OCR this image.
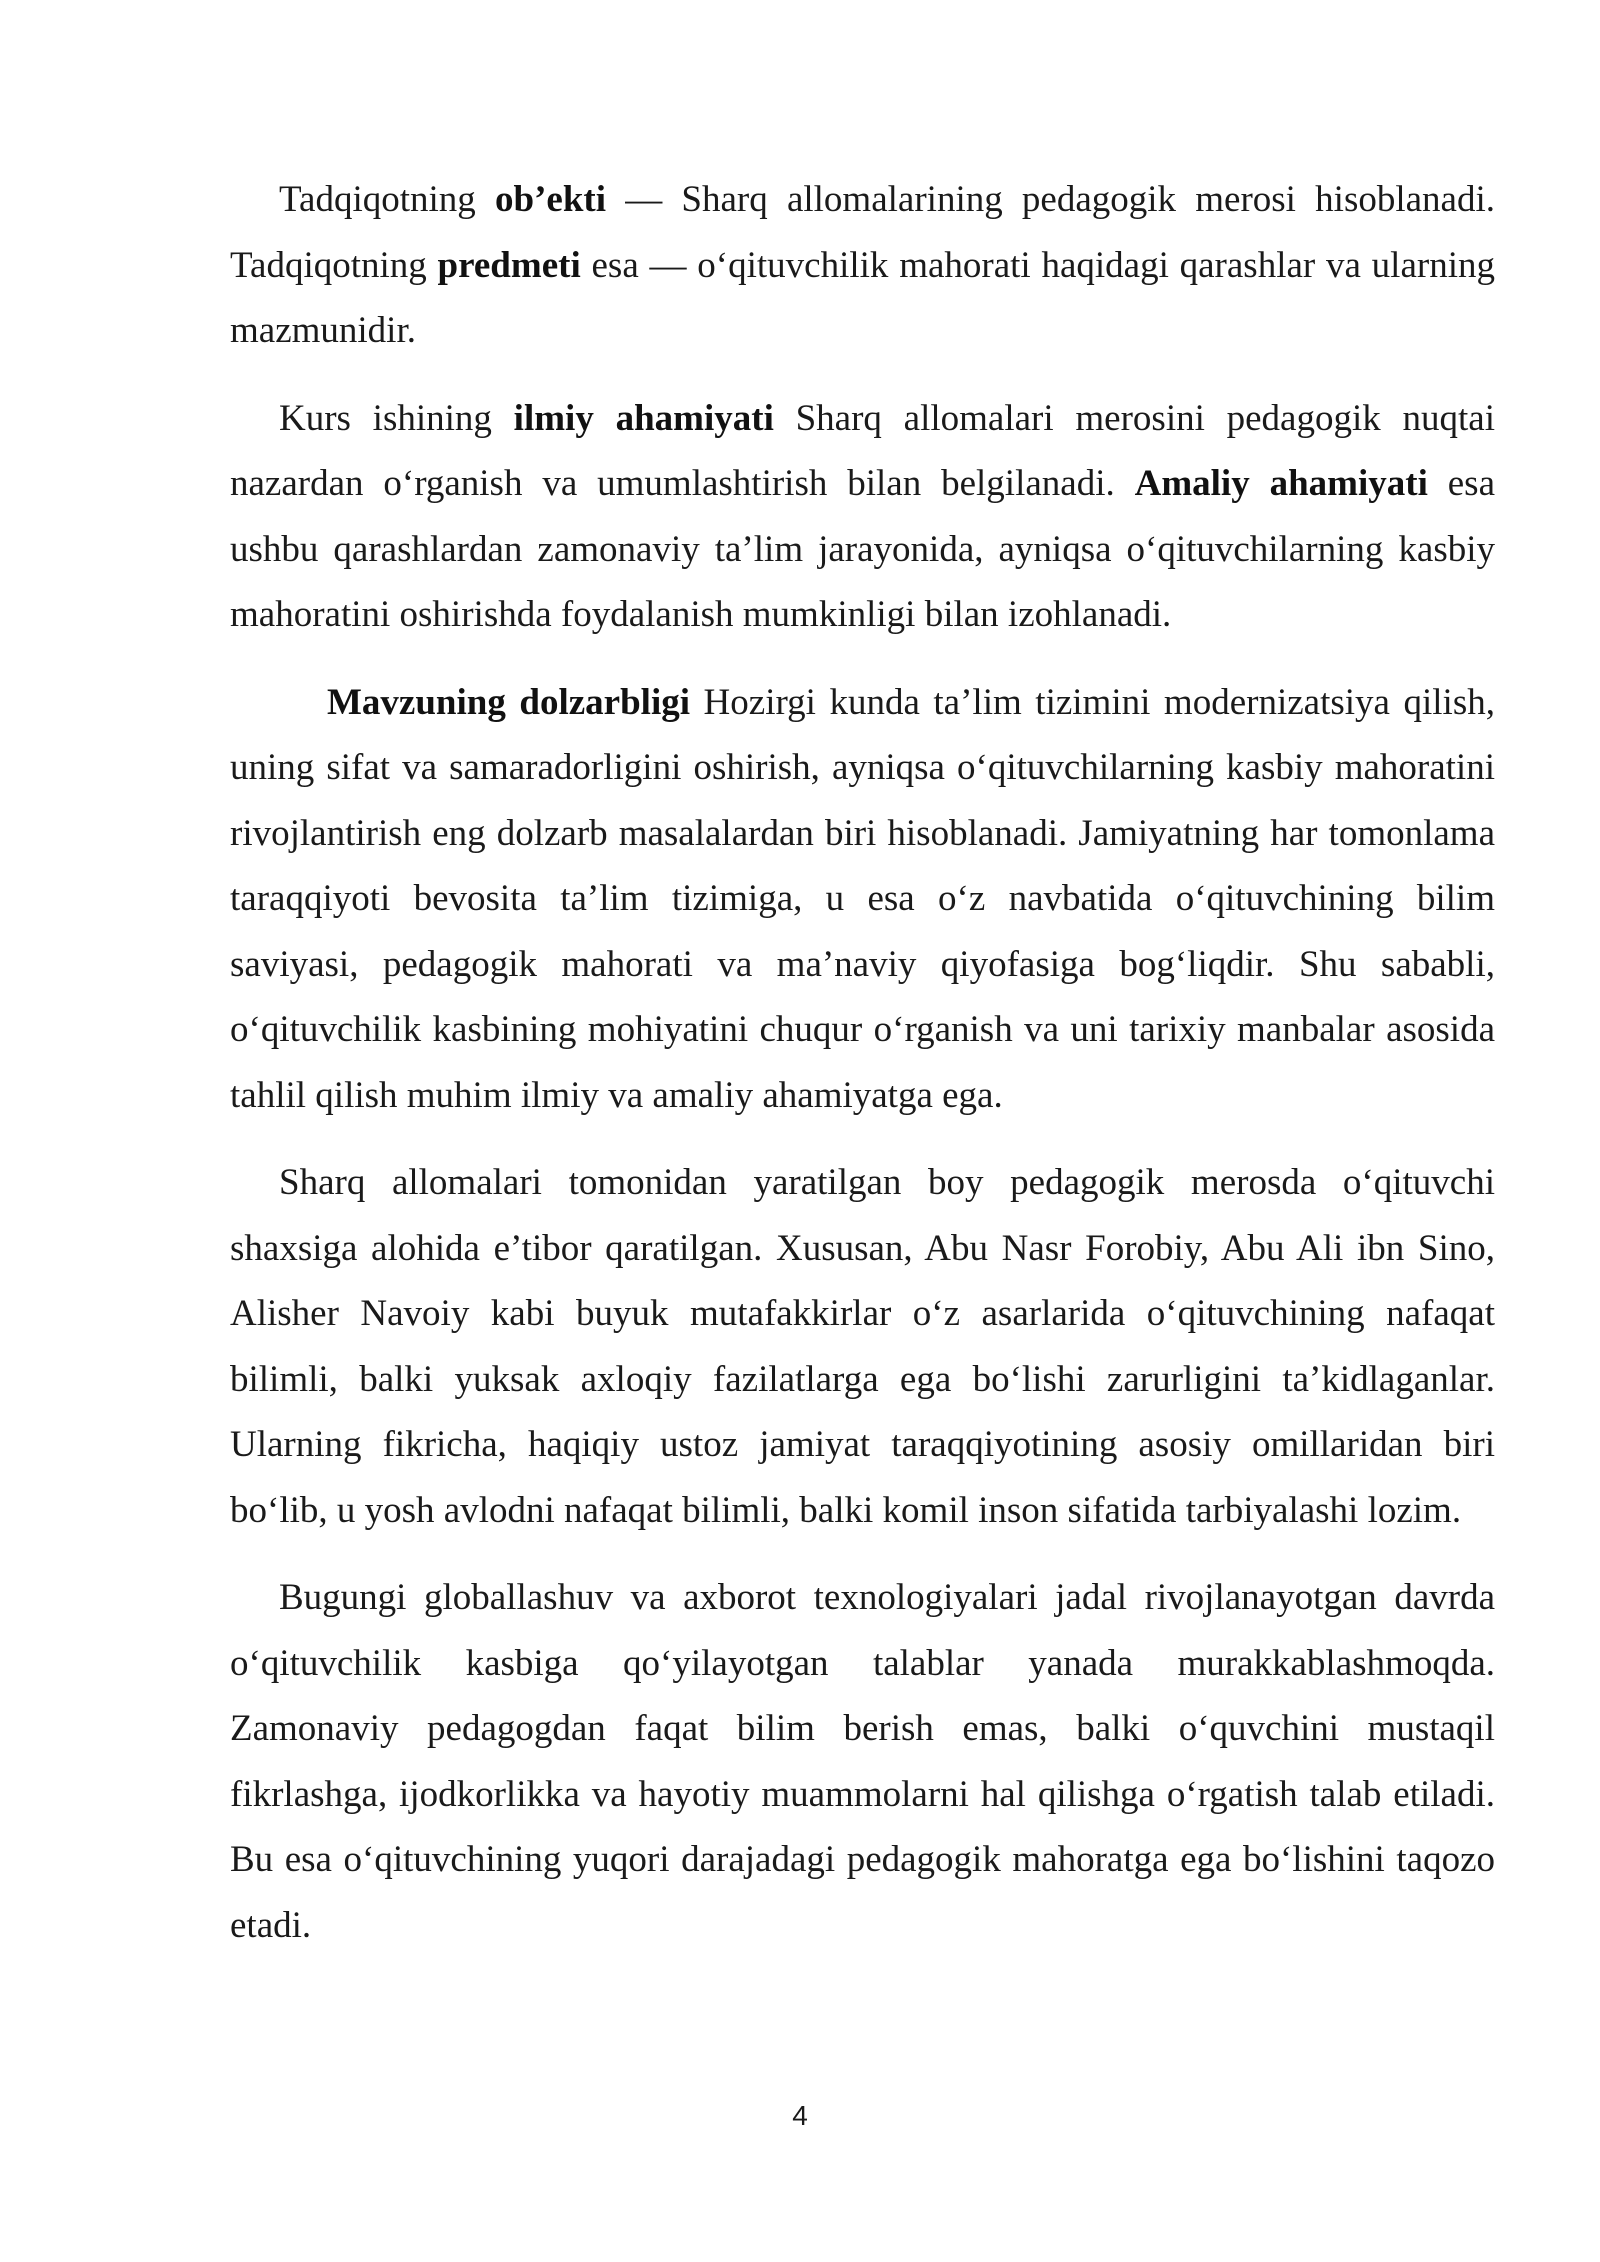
Tadqiqotning ob’ekti — Sharq allomalarining pedagogik merosi hisoblanadi. Tadqiqotning predmeti esa — o‘qituvchilik mahorati haqidagi qarashlar va ularning mazmunidir.

Kurs ishining ilmiy ahamiyati Sharq allomalari merosini pedagogik nuqtai nazardan o‘rganish va umumlashtirish bilan belgilanadi. Amaliy ahamiyati esa ushbu qarashlardan zamonaviy ta’lim jarayonida, ayniqsa o‘qituvchilarning kasbiy mahoratini oshirishda foydalanish mumkinligi bilan izohlanadi.

Mavzuning dolzarbligi Hozirgi kunda ta’lim tizimini modernizatsiya qilish, uning sifat va samaradorligini oshirish, ayniqsa o‘qituvchilarning kasbiy mahoratini rivojlantirish eng dolzarb masalalardan biri hisoblanadi. Jamiyatning har tomonlama taraqqiyoti bevosita ta’lim tizimiga, u esa o‘z navbatida o‘qituvchining bilim saviyasi, pedagogik mahorati va ma’naviy qiyofasiga bog‘liqdir. Shu sababli, o‘qituvchilik kasbining mohiyatini chuqur o‘rganish va uni tarixiy manbalar asosida tahlil qilish muhim ilmiy va amaliy ahamiyatga ega.

Sharq allomalari tomonidan yaratilgan boy pedagogik merosda o‘qituvchi shaxsiga alohida e’tibor qaratilgan. Xususan, Abu Nasr Forobiy, Abu Ali ibn Sino, Alisher Navoiy kabi buyuk mutafakkirlar o‘z asarlarida o‘qituvchining nafaqat bilimli, balki yuksak axloqiy fazilatlarga ega bo‘lishi zarurligini ta’kidlaganlar. Ularning fikricha, haqiqiy ustoz jamiyat taraqqiyotining asosiy omillaridan biri bo‘lib, u yosh avlodni nafaqat bilimli, balki komil inson sifatida tarbiyalashi lozim.

Bugungi globallashuv va axborot texnologiyalari jadal rivojlanayotgan davrda o‘qituvchilik kasbiga qo‘yilayotgan talablar yanada murakkablashmoqda. Zamonaviy pedagogdan faqat bilim berish emas, balki o‘quvchini mustaqil fikrlashga, ijodkorlikka va hayotiy muammolarni hal qilishga o‘rgatish talab etiladi. Bu esa o‘qituvchining yuqori darajadagi pedagogik mahoratga ega bo‘lishini taqozo etadi.

4
